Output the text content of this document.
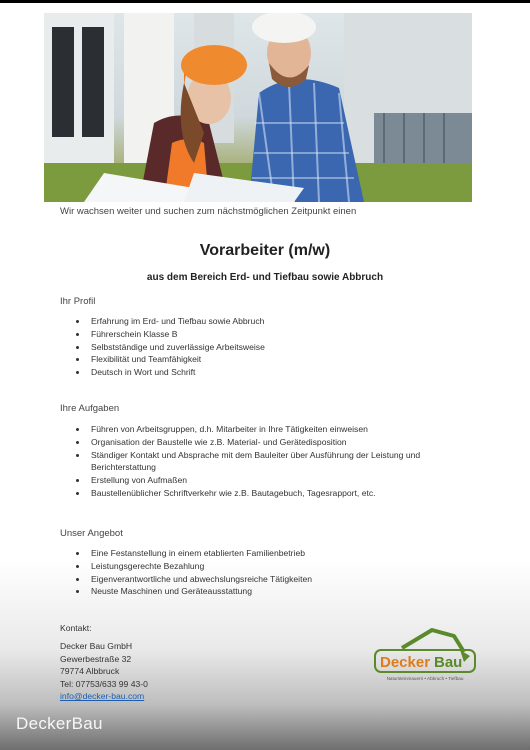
Wir wachsen weiter und suchen zum nächstmöglichen Zeitpunkt einen
Vorarbeiter (m/w)
aus dem Bereich Erd- und Tiefbau sowie Abbruch
Ihr Profil
Erfahrung im Erd- und Tiefbau sowie Abbruch
Führerschein Klasse B
Selbstständige und zuverlässige Arbeitsweise
Flexibilität und Teamfähigkeit
Deutsch in Wort und Schrift
Ihre Aufgaben
Führen von Arbeitsgruppen, d.h. Mitarbeiter in Ihre Tätigkeiten einweisen
Organisation der Baustelle wie z.B. Material- und Gerätedisposition
Ständiger Kontakt und Absprache mit dem Bauleiter über Ausführung der Leistung und Berichterstattung
Erstellung von Aufmaßen
Baustellenüblicher Schriftverkehr wie z.B. Bautagebuch, Tagesrapport, etc.
Unser Angebot
Eine Festanstellung in einem etablierten Familienbetrieb
Leistungsgerechte Bezahlung
Eigenverantwortliche und abwechslungsreiche Tätigkeiten
Neuste Maschinen und Geräteausstattung
Kontakt:
Decker Bau GmbH
Gewerbestraße 32
79774 Albbruck
Tel: 07753/633 99 43-0
info@decker-bau.com
Decker Bau
Natursteinmauern • Abbruch • Tiefbau
DeckerBau
